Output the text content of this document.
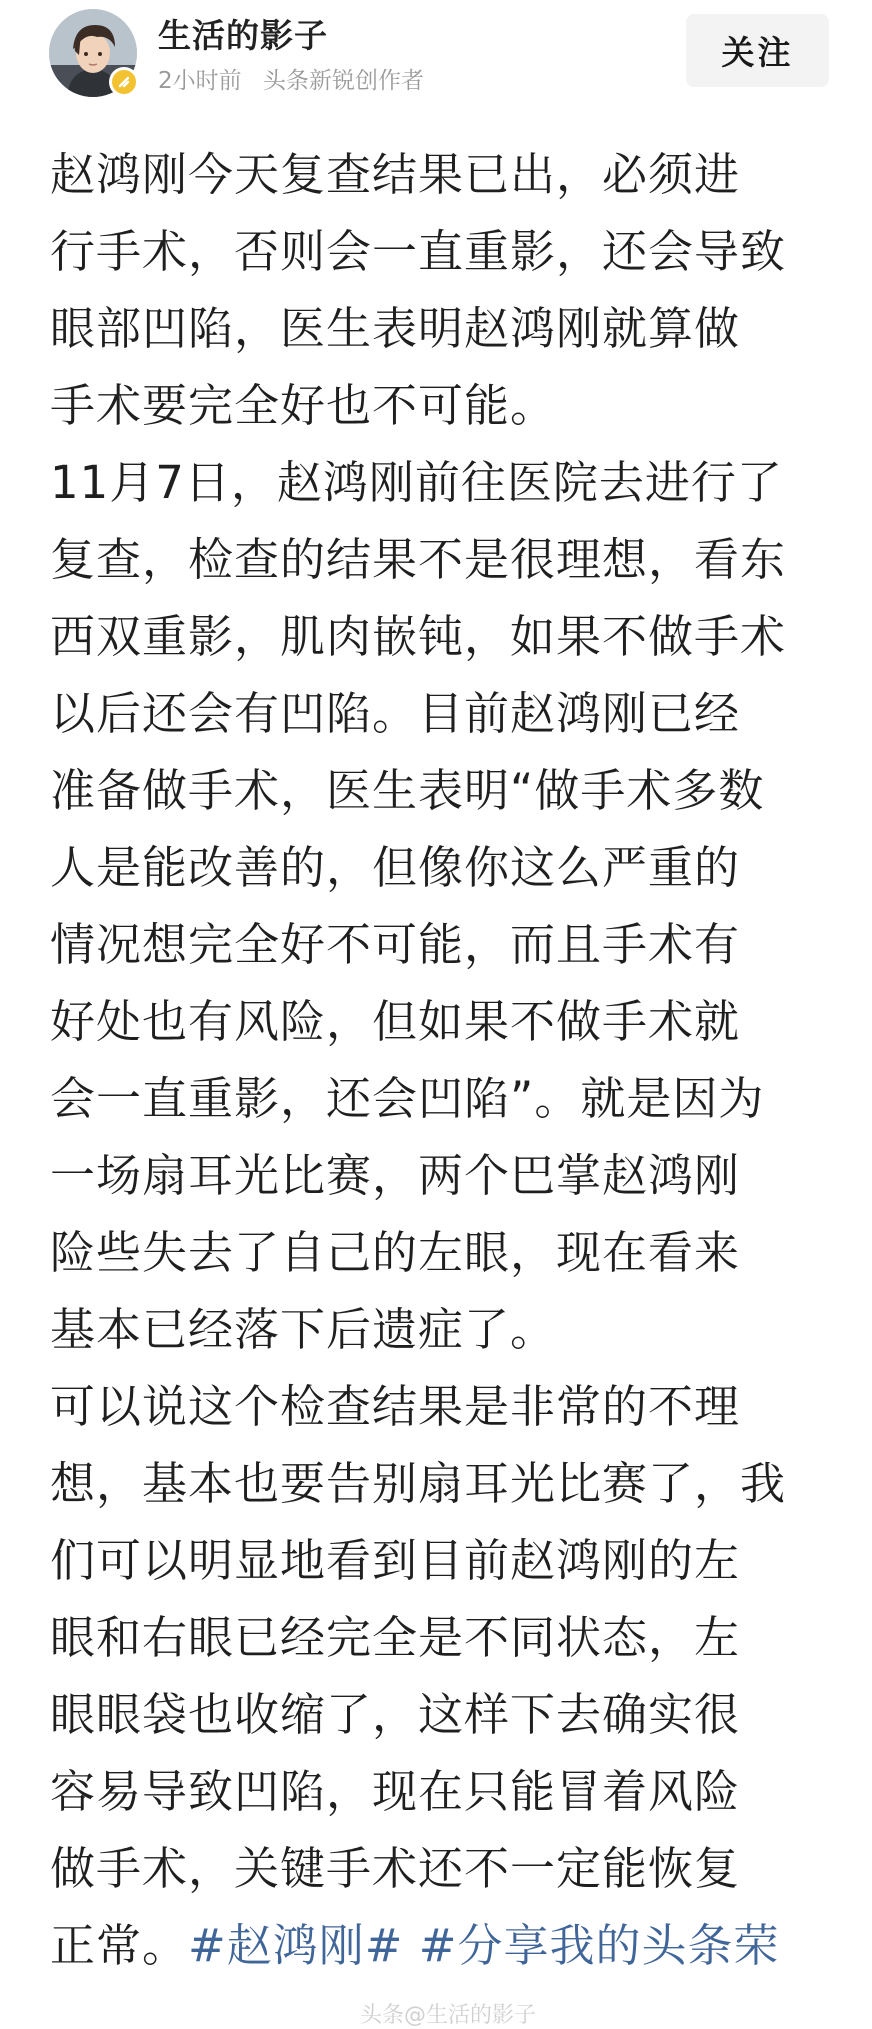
生活的影子
2小时前 头条新锐创作者
关注

赵鸿刚今天复查结果已出，必须进
行手术，否则会一直重影，还会导致
眼部凹陷，医生表明赵鸿刚就算做
手术要完全好也不可能。

11月7日，赵鸿刚前往医院去进行了
复查，检查的结果不是很理想，看东
西双重影，肌肉嵌钝，如果不做手术
以后还会有凹陷。目前赵鸿刚已经
准备做手术，医生表明“做手术多数
人是能改善的，但像你这么严重的
情况想完全好不可能，而且手术有
好处也有风险，但如果不做手术就
会一直重影，还会凹陷”。就是因为
一场扇耳光比赛，两个巴掌赵鸿刚
险些失去了自己的左眼，现在看来
基本已经落下后遗症了。

可以说这个检查结果是非常的不理
想，基本也要告别扇耳光比赛了，我
们可以明显地看到目前赵鸿刚的左
眼和右眼已经完全是不同状态，左
眼眼袋也收缩了，这样下去确实很
容易导致凹陷，现在只能冒着风险
做手术，关键手术还不一定能恢复
正常。#赵鸿刚# #分享我的头条荣

头条@生活的影子
